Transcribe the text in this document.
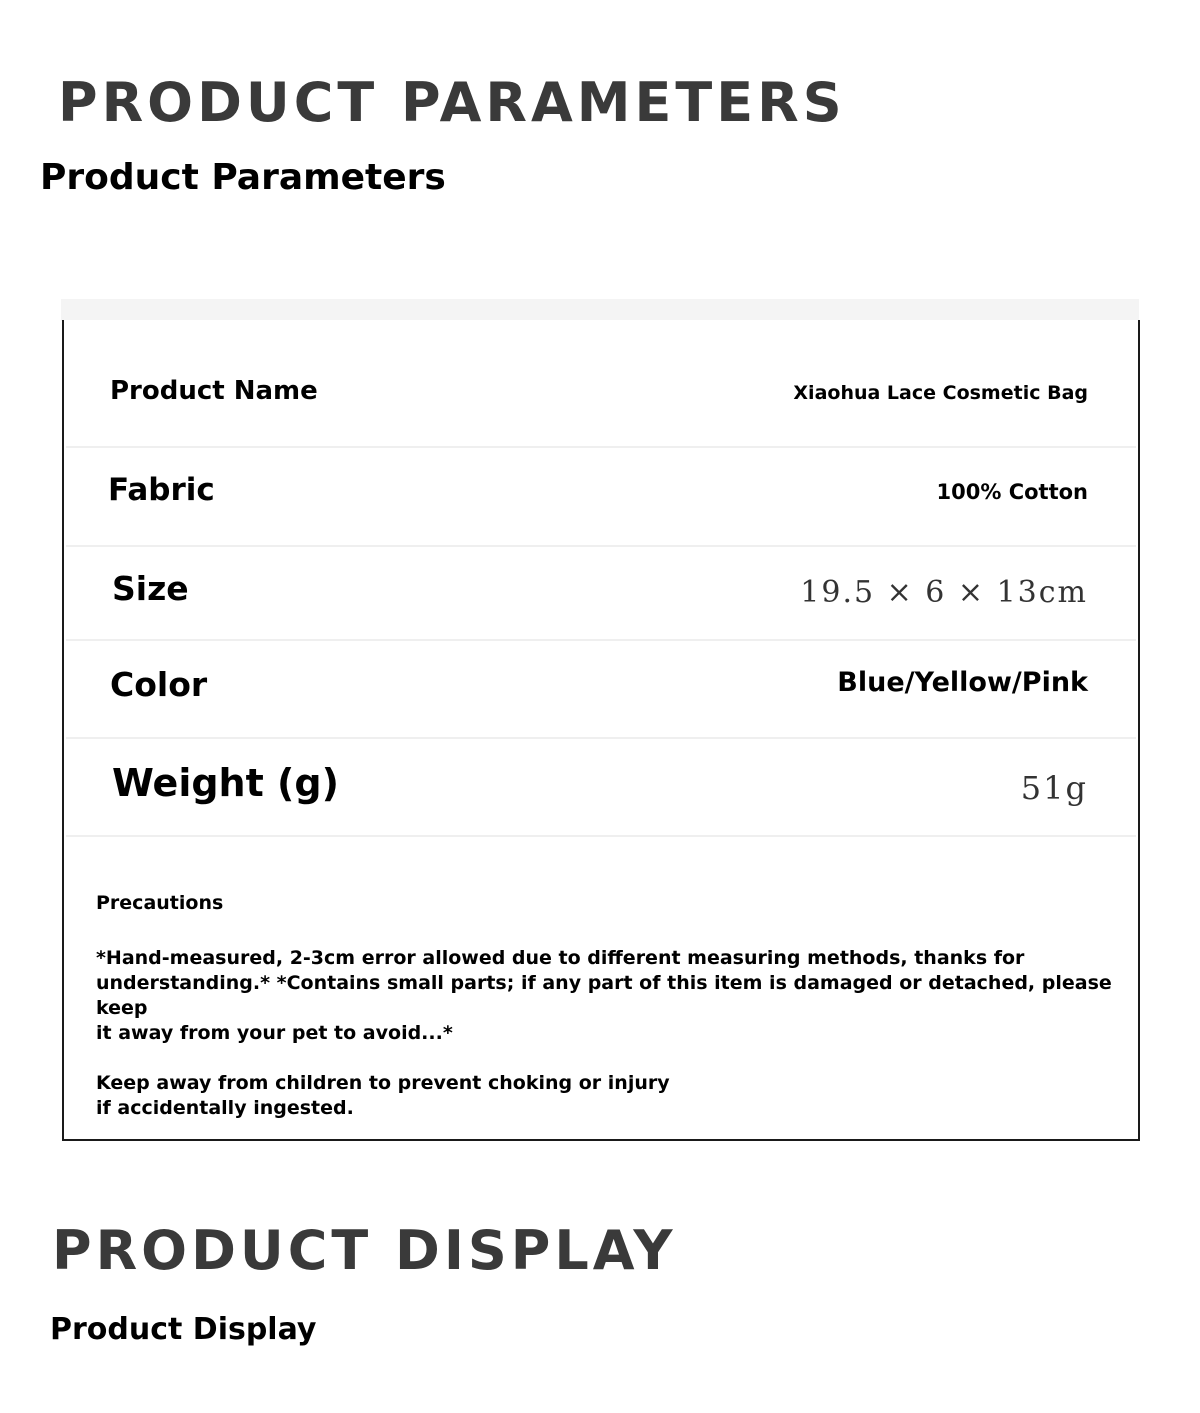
PRODUCT PARAMETERS
Product Parameters
Product Name	Xiaohua Lace Cosmetic Bag
Fabric	100% Cotton
Size	19.5 × 6 × 13cm
Color	Blue/Yellow/Pink
Weight (g)	51g

Precautions

*Hand-measured, 2-3cm error allowed due to different measuring methods, thanks for
understanding.* *Contains small parts; if any part of this item is damaged or detached, please keep
it away from your pet to avoid...*

Keep away from children to prevent choking or injury
if accidentally ingested.

PRODUCT DISPLAY
Product Display
